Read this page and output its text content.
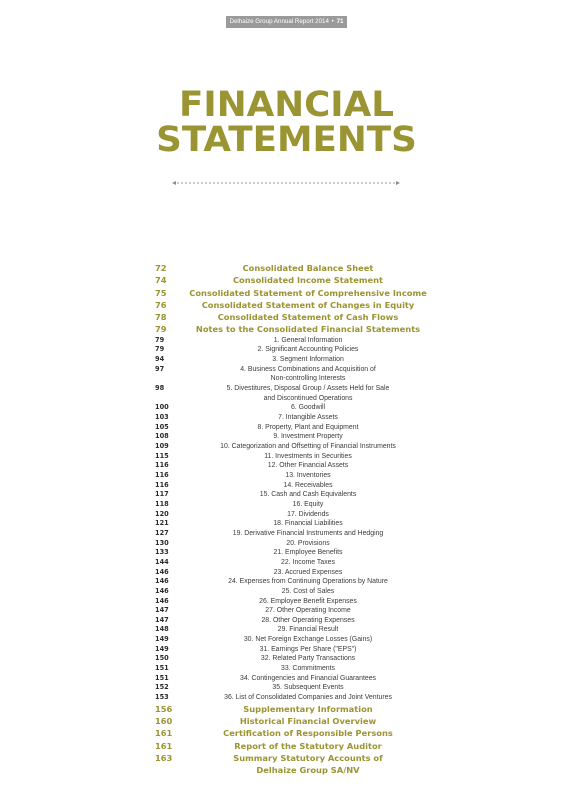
Delhaize Group Annual Report 2014 • 71
FINANCIAL
STATEMENTS
72	Consolidated Balance Sheet
74	Consolidated Income Statement
75	Consolidated Statement of Comprehensive Income
76	Consolidated Statement of Changes in Equity
78	Consolidated Statement of Cash Flows
79	Notes to the Consolidated Financial Statements
79	1. General Information
79	2. Significant Accounting Policies
94	3. Segment Information
97	4. Business Combinations and Acquisition of
Non-controlling Interests
98	5. Divestitures, Disposal Group / Assets Held for Sale
and Discontinued Operations
100	6. Goodwill
103	7. Intangible Assets
105	8. Property, Plant and Equipment
108	9. Investment Property
109	10. Categorization and Offsetting of Financial Instruments
115	11. Investments in Securities
116	12. Other Financial Assets
116	13. Inventories
116	14. Receivables
117	15. Cash and Cash Equivalents
118	16. Equity
120	17. Dividends
121	18. Financial Liabilities
127	19. Derivative Financial Instruments and Hedging
130	20. Provisions
133	21. Employee Benefits
144	22. Income Taxes
146	23. Accrued Expenses
146	24. Expenses from Continuing Operations by Nature
146	25. Cost of Sales
146	26. Employee Benefit Expenses
147	27. Other Operating Income
147	28. Other Operating Expenses
148	29. Financial Result
149	30. Net Foreign Exchange Losses (Gains)
149	31. Earnings Per Share ("EPS")
150	32. Related Party Transactions
151	33. Commitments
151	34. Contingencies and Financial Guarantees
152	35. Subsequent Events
153	36. List of Consolidated Companies and Joint Ventures
156	Supplementary Information
160	Historical Financial Overview
161	Certification of Responsible Persons
161	Report of the Statutory Auditor
163	Summary Statutory Accounts of
Delhaize Group SA/NV
